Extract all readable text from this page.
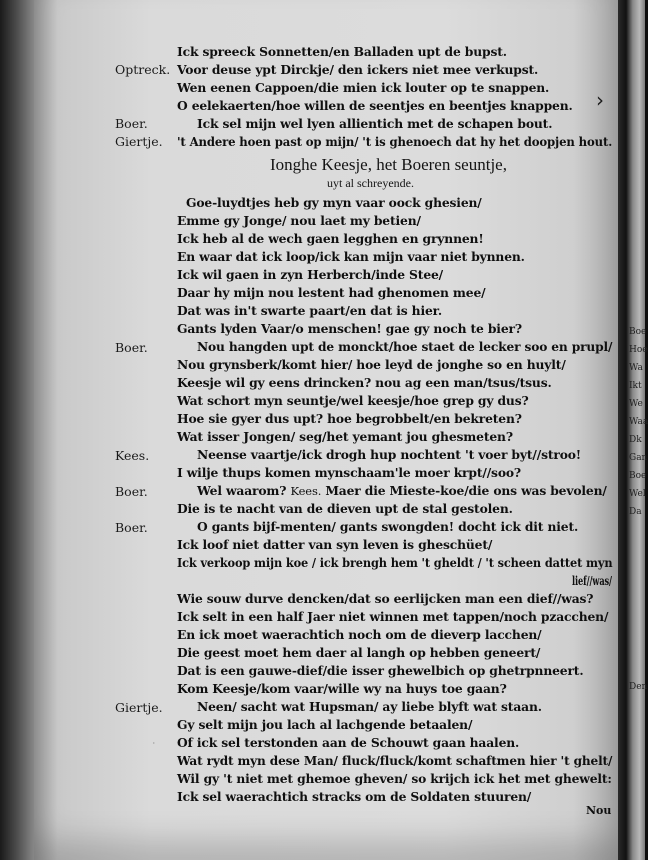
Ick spreeck Sonnetten/en Balladen upt de bupst.
Optreck. Voor deuse ypt Dirckje/ den ickers niet mee verkupst.
Wen eenen Cappoen/die mien ick louter op te snappen.
O eelekaerten/hoe willen de seentjes en beentjes knappen.
Boer.	Ick sel mijn wel lyen allientich met de schapen bout.
Giertje. 't Andere hoen past op mijn/ 't is ghenoech dat hy het doopjen hout.
Ionghe Keesje, het Boeren seuntje,
uyt al schreyende.
Goe-luydtjes heb gy myn vaar oock ghesien/
Emme gy Jonge/ nou laet my betien/
Ick heb al de wech gaen legghen en grynnen!
En waar dat ick loop/ick kan mijn vaar niet bynnen.
Ick wil gaen in zyn Herberch/inde Stee/
Daar hy mijn nou lestent had ghenomen mee/
Dat was in't swarte paart/en dat is hier.
Gants lyden Vaar/o menschen! gae gy noch te bier?
Boer.	Nou hangden upt de monckt/hoe staet de lecker soo en prupl/
Nou grynsberk/komt hier/ hoe leyd de jonghe so en huylt/
Keesje wil gy eens drincken? nou ag een man/tsus/tsus.
Wat schort myn seuntje/wel keesje/hoe grep gy dus?
Hoe sie gyer dus upt? hoe begrobbelt/en bekreten?
Wat isser Jongen/ seg/het yemant jou ghesmeten?
Kees.	Neense vaartje/ick drogh hup nochtent 't voer byt//stroo!
I wilje thups komen mynschaam'le moer krpt//soo?
Boer.	Wel waarom? Kees. Maer die Mieste-koe/die ons was bevolen/
Die is te nacht van de dieven upt de stal gestolen.
Boer.	O gants bijf-menten/ gants swongden! docht ick dit niet.
Ick loof niet datter van syn leven is gheschüet/
Ick verkoop mijn koe / ick brengh hem 't gheldt / 't scheen dattet myn
lief//was/
Wie souw durve dencken/dat so eerlijcken man een dief//was?
Ick selt in een half Jaer niet winnen met tappen/noch pzacchen/
En ick moet waerachtich noch om de dieverp lacchen/
Die geest moet hem daer al langh op hebben geneert/
Dat is een gauwe-dief/die isser ghewelbich op ghetrpnneert.
Kom Keesje/kom vaar/wille wy na huys toe gaan?
Giertje.	Neen/ sacht wat Hupsman/ ay liebe blyft wat staan.
Gy selt mijn jou lach al lachgende betaalen/
Of ick sel terstonden aan de Schouwt gaan haalen.
Wat rydt myn dese Man/ fluck/fluck/komt schaftmen hier 't ghelt/
Wil gy 't niet met ghemoe gheven/ so krijch ick het met ghewelt:
Ick sel waerachtich stracks om de Soldaten stuuren/
Nou
‧
›
Boe
Hoe
Wa
Ikt
We
Waa
Dk
Gan
Boe
Wel
Da
Den
